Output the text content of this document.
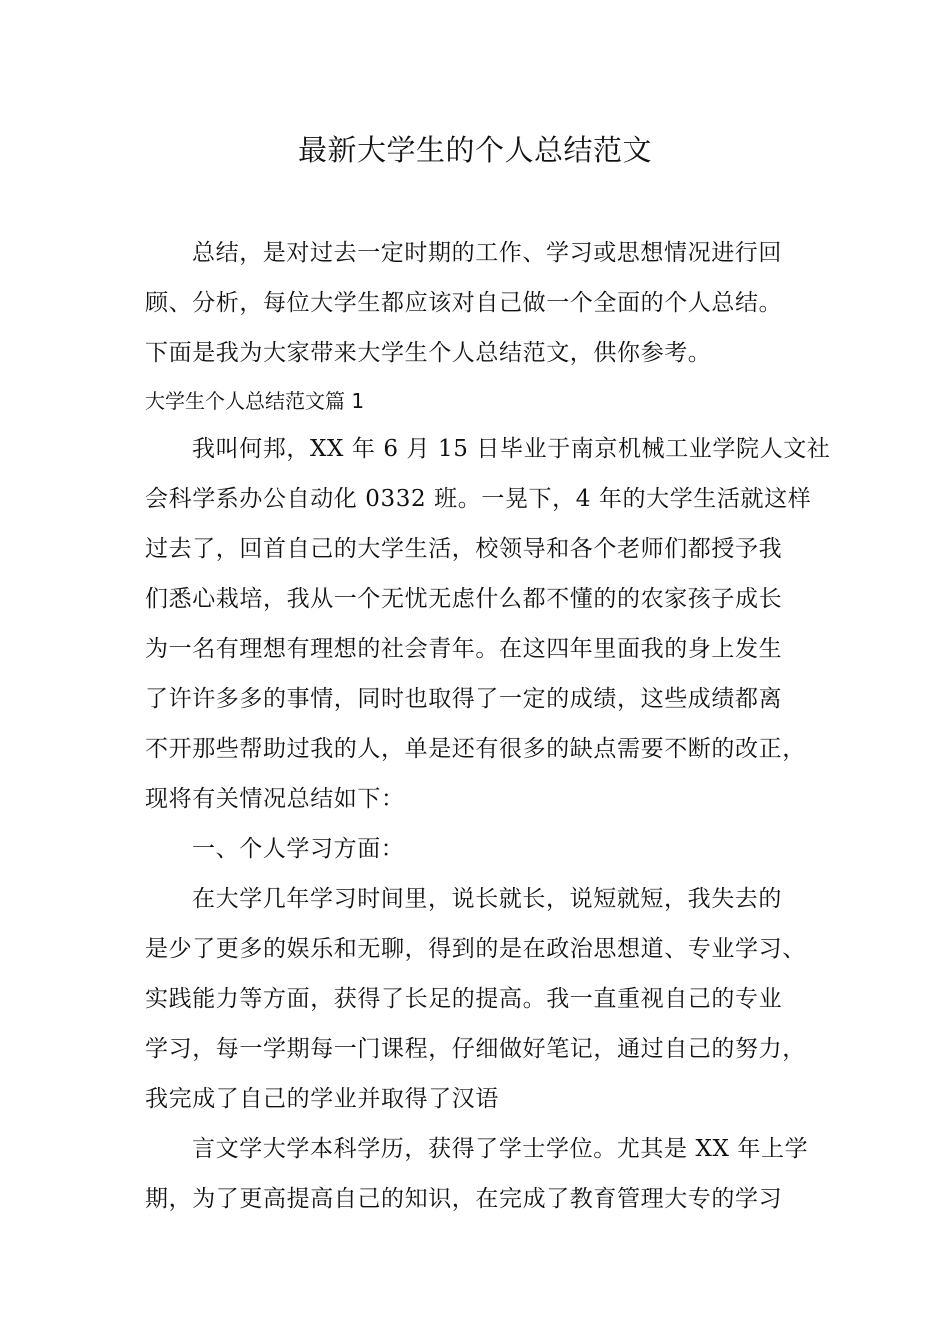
最新大学生的个人总结范文
总结，是对过去一定时期的工作、学习或思想情况进行回
顾、分析，每位大学生都应该对自己做一个全面的个人总结。
下面是我为大家带来大学生个人总结范文，供你参考。
大学生个人总结范文篇 1
我叫何邦，XX 年 6 月 15 日毕业于南京机械工业学院人文社
会科学系办公自动化 0332 班。一晃下，4 年的大学生活就这样
过去了，回首自己的大学生活，校领导和各个老师们都授予我
们悉心栽培，我从一个无忧无虑什么都不懂的的农家孩子成长
为一名有理想有理想的社会青年。在这四年里面我的身上发生
了许许多多的事情，同时也取得了一定的成绩，这些成绩都离
不开那些帮助过我的人，单是还有很多的缺点需要不断的改正，
现将有关情况总结如下：
一、个人学习方面：
在大学几年学习时间里，说长就长，说短就短，我失去的
是少了更多的娱乐和无聊，得到的是在政治思想道、专业学习、
实践能力等方面，获得了长足的提高。我一直重视自己的专业
学习，每一学期每一门课程，仔细做好笔记，通过自己的努力，
我完成了自己的学业并取得了汉语
言文学大学本科学历，获得了学士学位。尤其是 XX 年上学
期，为了更高提高自己的知识，在完成了教育管理大专的学习
